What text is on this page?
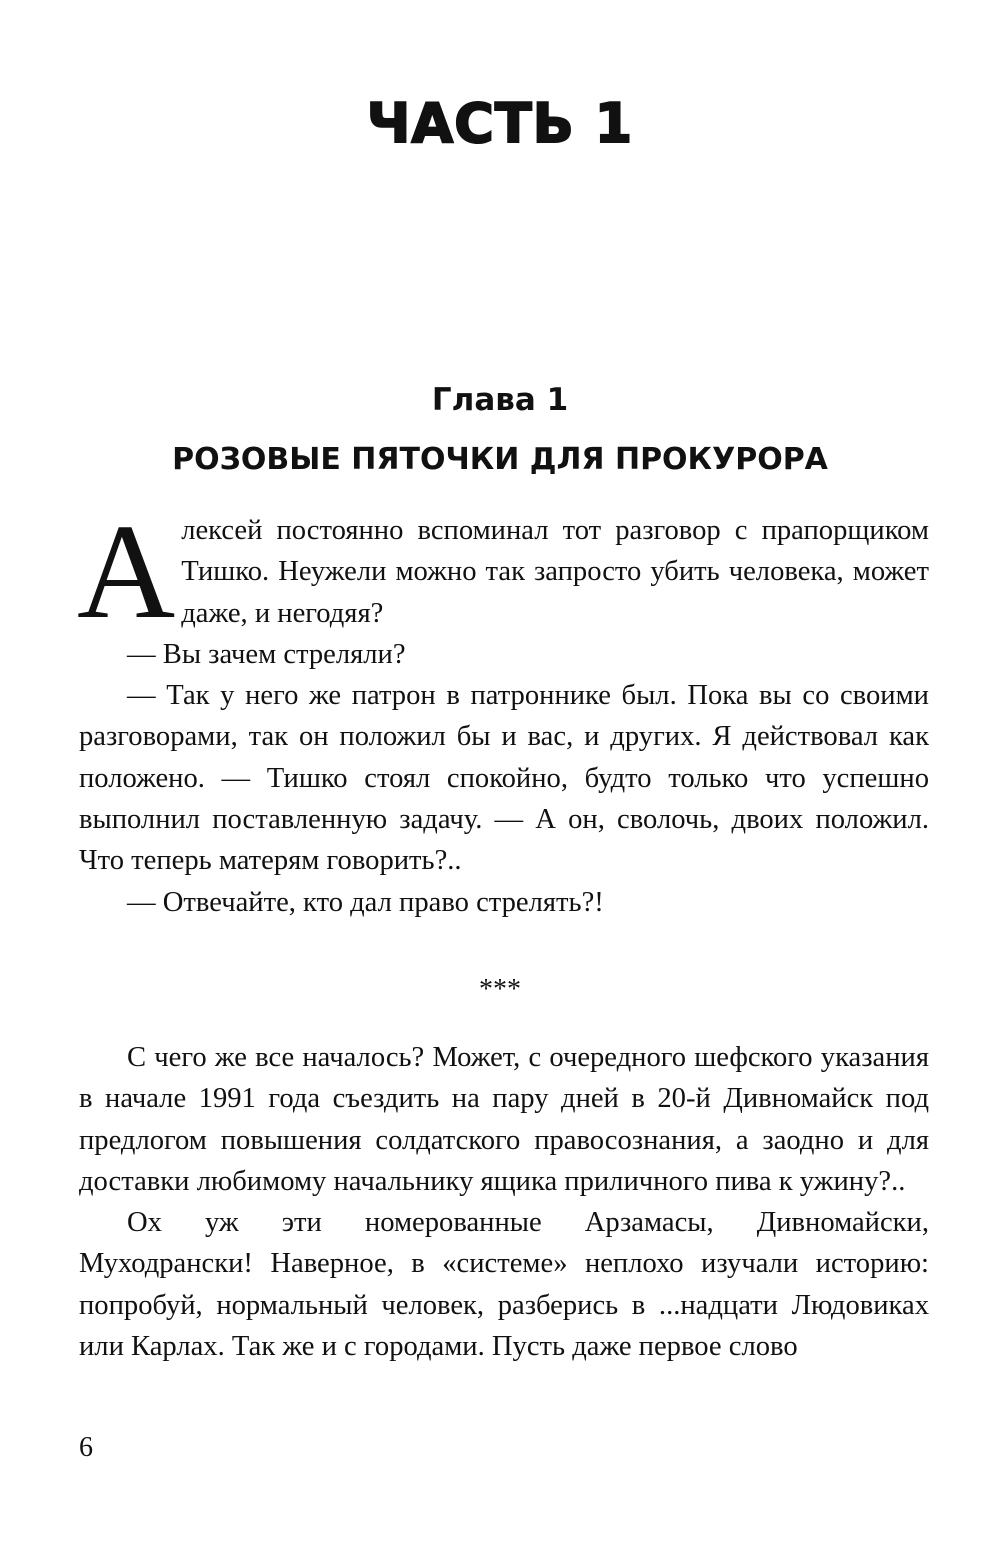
ЧАСТЬ 1
Глава 1
РОЗОВЫЕ ПЯТОЧКИ ДЛЯ ПРОКУРОРА

Алексей постоянно вспоминал тот разговор с прапорщиком Тишко. Неужели можно так запросто убить человека, может даже, и негодяя?

— Вы зачем стреляли?

— Так у него же патрон в патроннике был. Пока вы со своими разговорами, так он положил бы и вас, и других. Я действовал как положено. — Тишко стоял спокойно, будто только что успешно выполнил поставленную задачу. — А он, сволочь, двоих положил. Что теперь матерям говорить?..

— Отвечайте, кто дал право стрелять?!

***

С чего же все началось? Может, с очередного шефского указания в начале 1991 года съездить на пару дней в 20-й Дивномайск под предлогом повышения солдатского правосознания, а заодно и для доставки любимому начальнику ящика приличного пива к ужину?..

Ох уж эти номерованные Арзамасы, Дивномайски, Муходрански! Наверное, в «системе» неплохо изучали историю: попробуй, нормальный человек, разберись в ...надцати Людовиках или Карлах. Так же и с городами. Пусть даже первое слово

6
